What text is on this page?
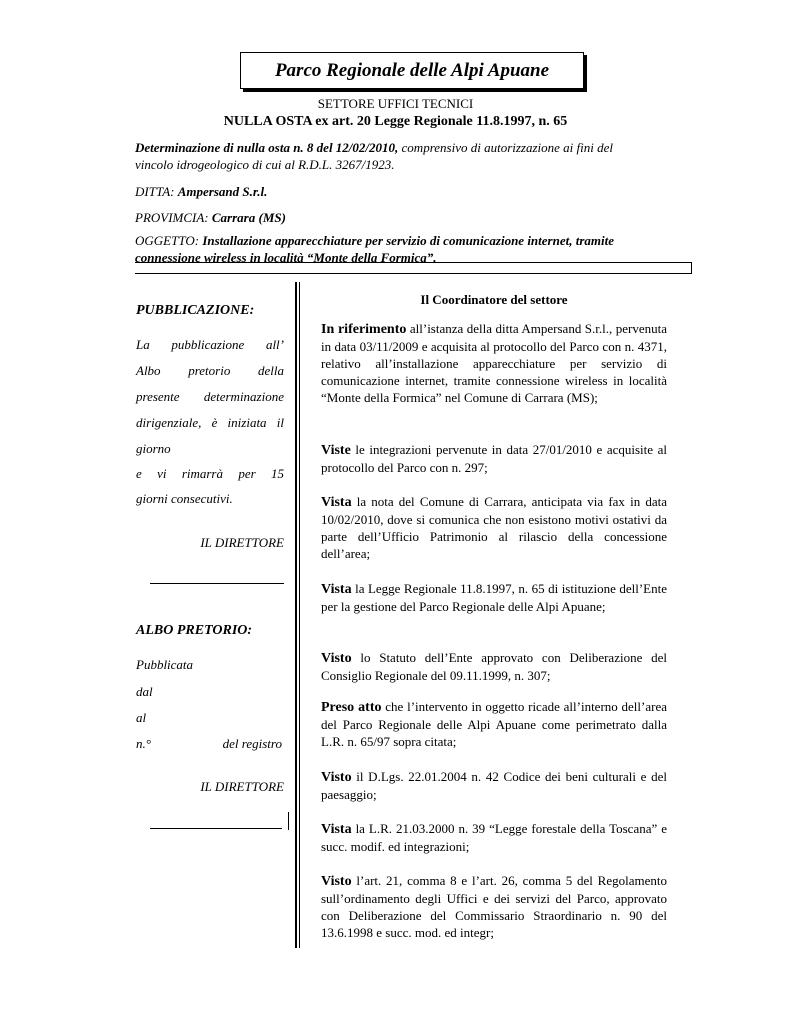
Parco Regionale delle Alpi Apuane
SETTORE UFFICI TECNICI
NULLA OSTA ex art. 20 Legge Regionale 11.8.1997, n. 65
Determinazione di nulla osta n. 8 del 12/02/2010, comprensivo di autorizzazione ai fini del
vincolo idrogeologico di cui al R.D.L. 3267/1923.
DITTA: Ampersand S.r.l.
PROVIMCIA: Carrara (MS)
OGGETTO: Installazione apparecchiature per servizio di comunicazione internet, tramite
connessione wireless in località “Monte della Formica”.
PUBBLICAZIONE:
La pubblicazione all’
Albo pretorio della
presente determinazione
dirigenziale, è iniziata il
giorno
e vi rimarrà per 15
giorni consecutivi.
IL DIRETTORE
ALBO PRETORIO:
Pubblicata
dal
al
n.°	del registro
IL DIRETTORE
Il Coordinatore del settore
In riferimento all’istanza della ditta Ampersand S.r.l., pervenuta in data 03/11/2009 e acquisita al protocollo del Parco con n. 4371, relativo all’installazione apparecchiature per servizio di comunicazione internet, tramite connessione wireless in località “Monte della Formica” nel Comune di Carrara (MS);
Viste le integrazioni pervenute in data 27/01/2010 e acquisite al protocollo del Parco con n. 297;
Vista la nota del Comune di Carrara, anticipata via fax in data 10/02/2010, dove si comunica che non esistono motivi ostativi da parte dell’Ufficio Patrimonio al rilascio della concessione dell’area;
Vista la Legge Regionale 11.8.1997, n. 65 di istituzione dell’Ente per la gestione del Parco Regionale delle Alpi Apuane;
Visto lo Statuto dell’Ente approvato con Deliberazione del Consiglio Regionale del 09.11.1999, n. 307;
Preso atto che l’intervento in oggetto ricade all’interno dell’area del Parco Regionale delle Alpi Apuane come perimetrato dalla L.R. n. 65/97 sopra citata;
Visto il D.Lgs. 22.01.2004 n. 42 Codice dei beni culturali e del paesaggio;
Vista la L.R. 21.03.2000 n. 39 “Legge forestale della Toscana” e succ. modif. ed integrazioni;
Visto l’art. 21, comma 8 e l’art. 26, comma 5 del Regolamento sull’ordinamento degli Uffici e dei servizi del Parco, approvato con Deliberazione del Commissario Straordinario n. 90 del 13.6.1998 e succ. mod. ed integr;
